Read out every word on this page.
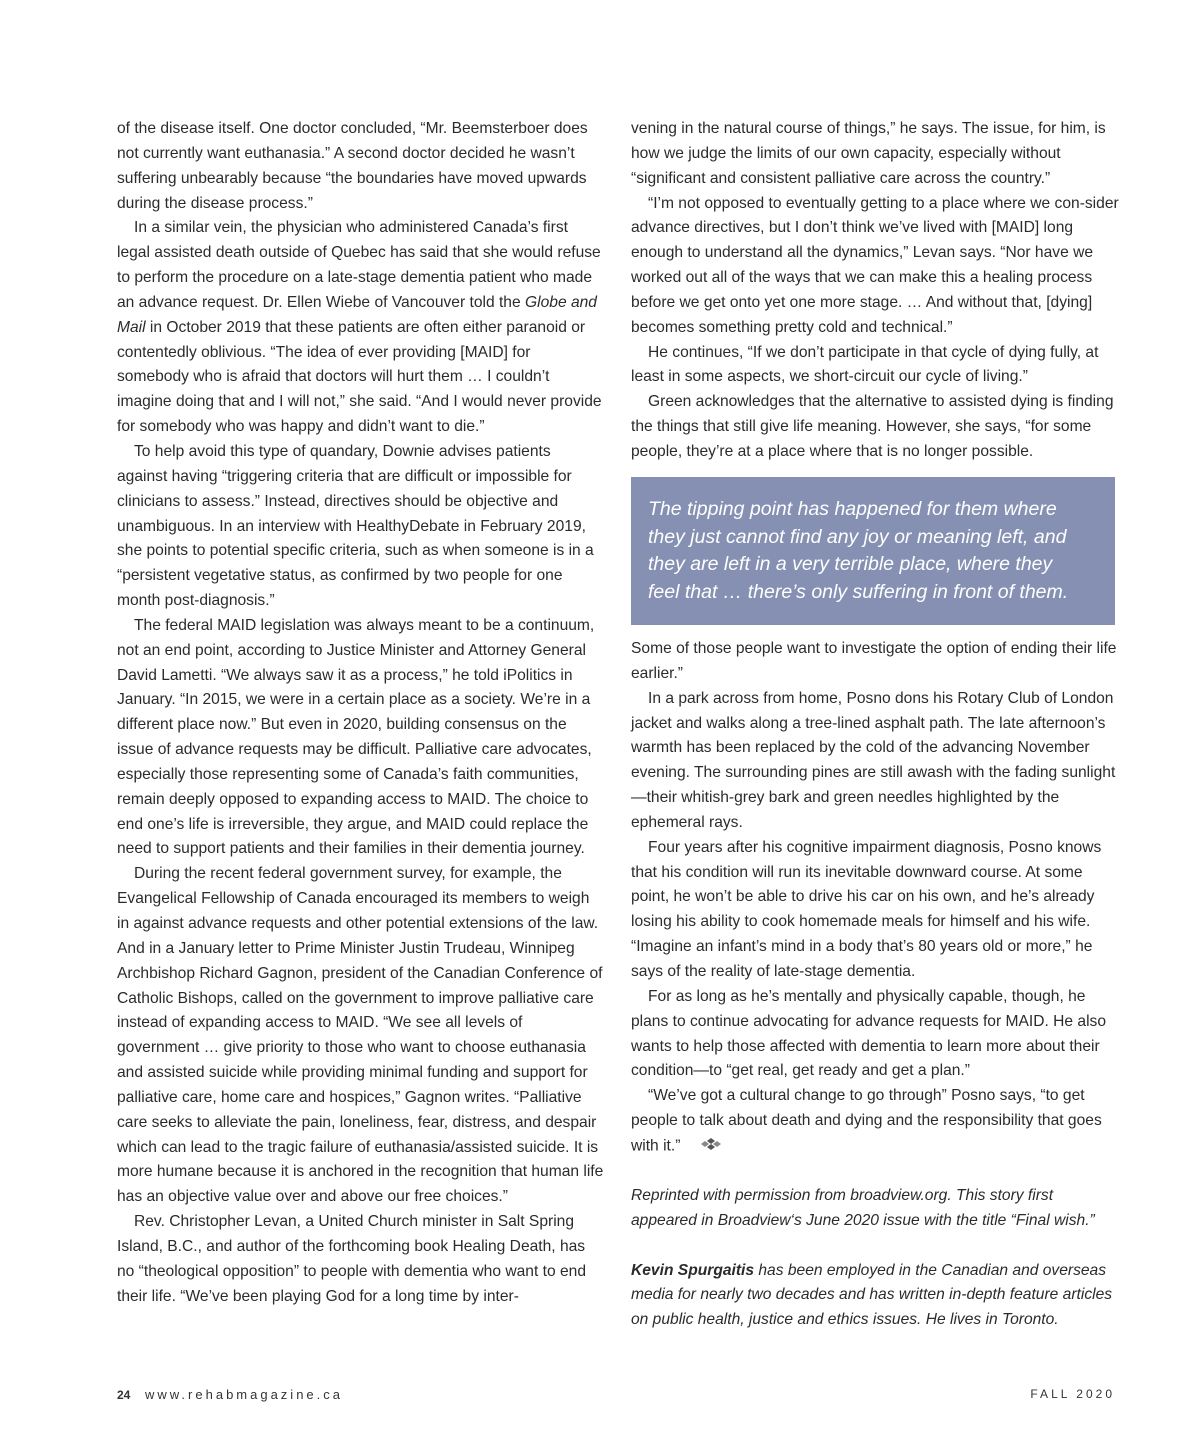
of the disease itself. One doctor concluded, “Mr. Beemsterboer does not currently want euthanasia.” A second doctor decided he wasn’t suffering unbearably because “the boundaries have moved upwards during the disease process.”

In a similar vein, the physician who administered Canada’s first legal assisted death outside of Quebec has said that she would refuse to perform the procedure on a late-stage dementia patient who made an advance request. Dr. Ellen Wiebe of Vancouver told the Globe and Mail in October 2019 that these patients are often either paranoid or contentedly oblivious. “The idea of ever providing [MAID] for somebody who is afraid that doctors will hurt them … I couldn’t imagine doing that and I will not,” she said. “And I would never provide for somebody who was happy and didn’t want to die.”

To help avoid this type of quandary, Downie advises patients against having “triggering criteria that are difficult or impossible for clinicians to assess.” Instead, directives should be objective and unambiguous. In an interview with HealthyDebate in February 2019, she points to potential specific criteria, such as when someone is in a “persistent vegetative status, as confirmed by two people for one month post-diagnosis.”

The federal MAID legislation was always meant to be a continuum, not an end point, according to Justice Minister and Attorney General David Lametti. “We always saw it as a process,” he told iPolitics in January. “In 2015, we were in a certain place as a society. We’re in a different place now.” But even in 2020, building consensus on the issue of advance requests may be difficult. Palliative care advocates, especially those representing some of Canada’s faith communities, remain deeply opposed to expanding access to MAID. The choice to end one’s life is irreversible, they argue, and MAID could replace the need to support patients and their families in their dementia journey.

During the recent federal government survey, for example, the Evangelical Fellowship of Canada encouraged its members to weigh in against advance requests and other potential extensions of the law. And in a January letter to Prime Minister Justin Trudeau, Winnipeg Archbishop Richard Gagnon, president of the Canadian Conference of Catholic Bishops, called on the government to improve palliative care instead of expanding access to MAID. “We see all levels of government … give priority to those who want to choose euthanasia and assisted suicide while providing minimal funding and support for palliative care, home care and hospices,” Gagnon writes. “Palliative care seeks to alleviate the pain, loneliness, fear, distress, and despair which can lead to the tragic failure of euthanasia/assisted suicide. It is more humane because it is anchored in the recognition that human life has an objective value over and above our free choices.”

Rev. Christopher Levan, a United Church minister in Salt Spring Island, B.C., and author of the forthcoming book Healing Death, has no “theological opposition” to people with dementia who want to end their life. “We’ve been playing God for a long time by inter-

vening in the natural course of things,” he says. The issue, for him, is how we judge the limits of our own capacity, especially without “significant and consistent palliative care across the country.”

“I’m not opposed to eventually getting to a place where we con-sider advance directives, but I don’t think we’ve lived with [MAID] long enough to understand all the dynamics,” Levan says. “Nor have we worked out all of the ways that we can make this a healing process before we get onto yet one more stage. … And without that, [dying] becomes something pretty cold and technical.”

He continues, “If we don’t participate in that cycle of dying fully, at least in some aspects, we short-circuit our cycle of living.”

Green acknowledges that the alternative to assisted dying is finding the things that still give life meaning. However, she says, “for some people, they’re at a place where that is no longer possible.

The tipping point has happened for them where
they just cannot find any joy or meaning left, and
they are left in a very terrible place, where they
feel that … there’s only suffering in front of them.

Some of those people want to investigate the option of ending their life earlier.”

In a park across from home, Posno dons his Rotary Club of London jacket and walks along a tree-lined asphalt path. The late afternoon’s warmth has been replaced by the cold of the advancing November evening. The surrounding pines are still awash with the fading sunlight—their whitish-grey bark and green needles highlighted by the ephemeral rays.

Four years after his cognitive impairment diagnosis, Posno knows that his condition will run its inevitable downward course. At some point, he won’t be able to drive his car on his own, and he’s already losing his ability to cook homemade meals for himself and his wife. “Imagine an infant’s mind in a body that’s 80 years old or more,” he says of the reality of late-stage dementia.

For as long as he’s mentally and physically capable, though, he plans to continue advocating for advance requests for MAID. He also wants to help those affected with dementia to learn more about their condition—to “get real, get ready and get a plan.”

“We’ve got a cultural change to go through” Posno says, “to get people to talk about death and dying and the responsibility that goes with it.”

Reprinted with permission from broadview.org. This story first appeared in Broadview‘s June 2020 issue with the title “Final wish.”

Kevin Spurgaitis has been employed in the Canadian and overseas media for nearly two decades and has written in-depth feature articles on public health, justice and ethics issues. He lives in Toronto.

24 www.rehabmagazine.ca	FALL 2020
